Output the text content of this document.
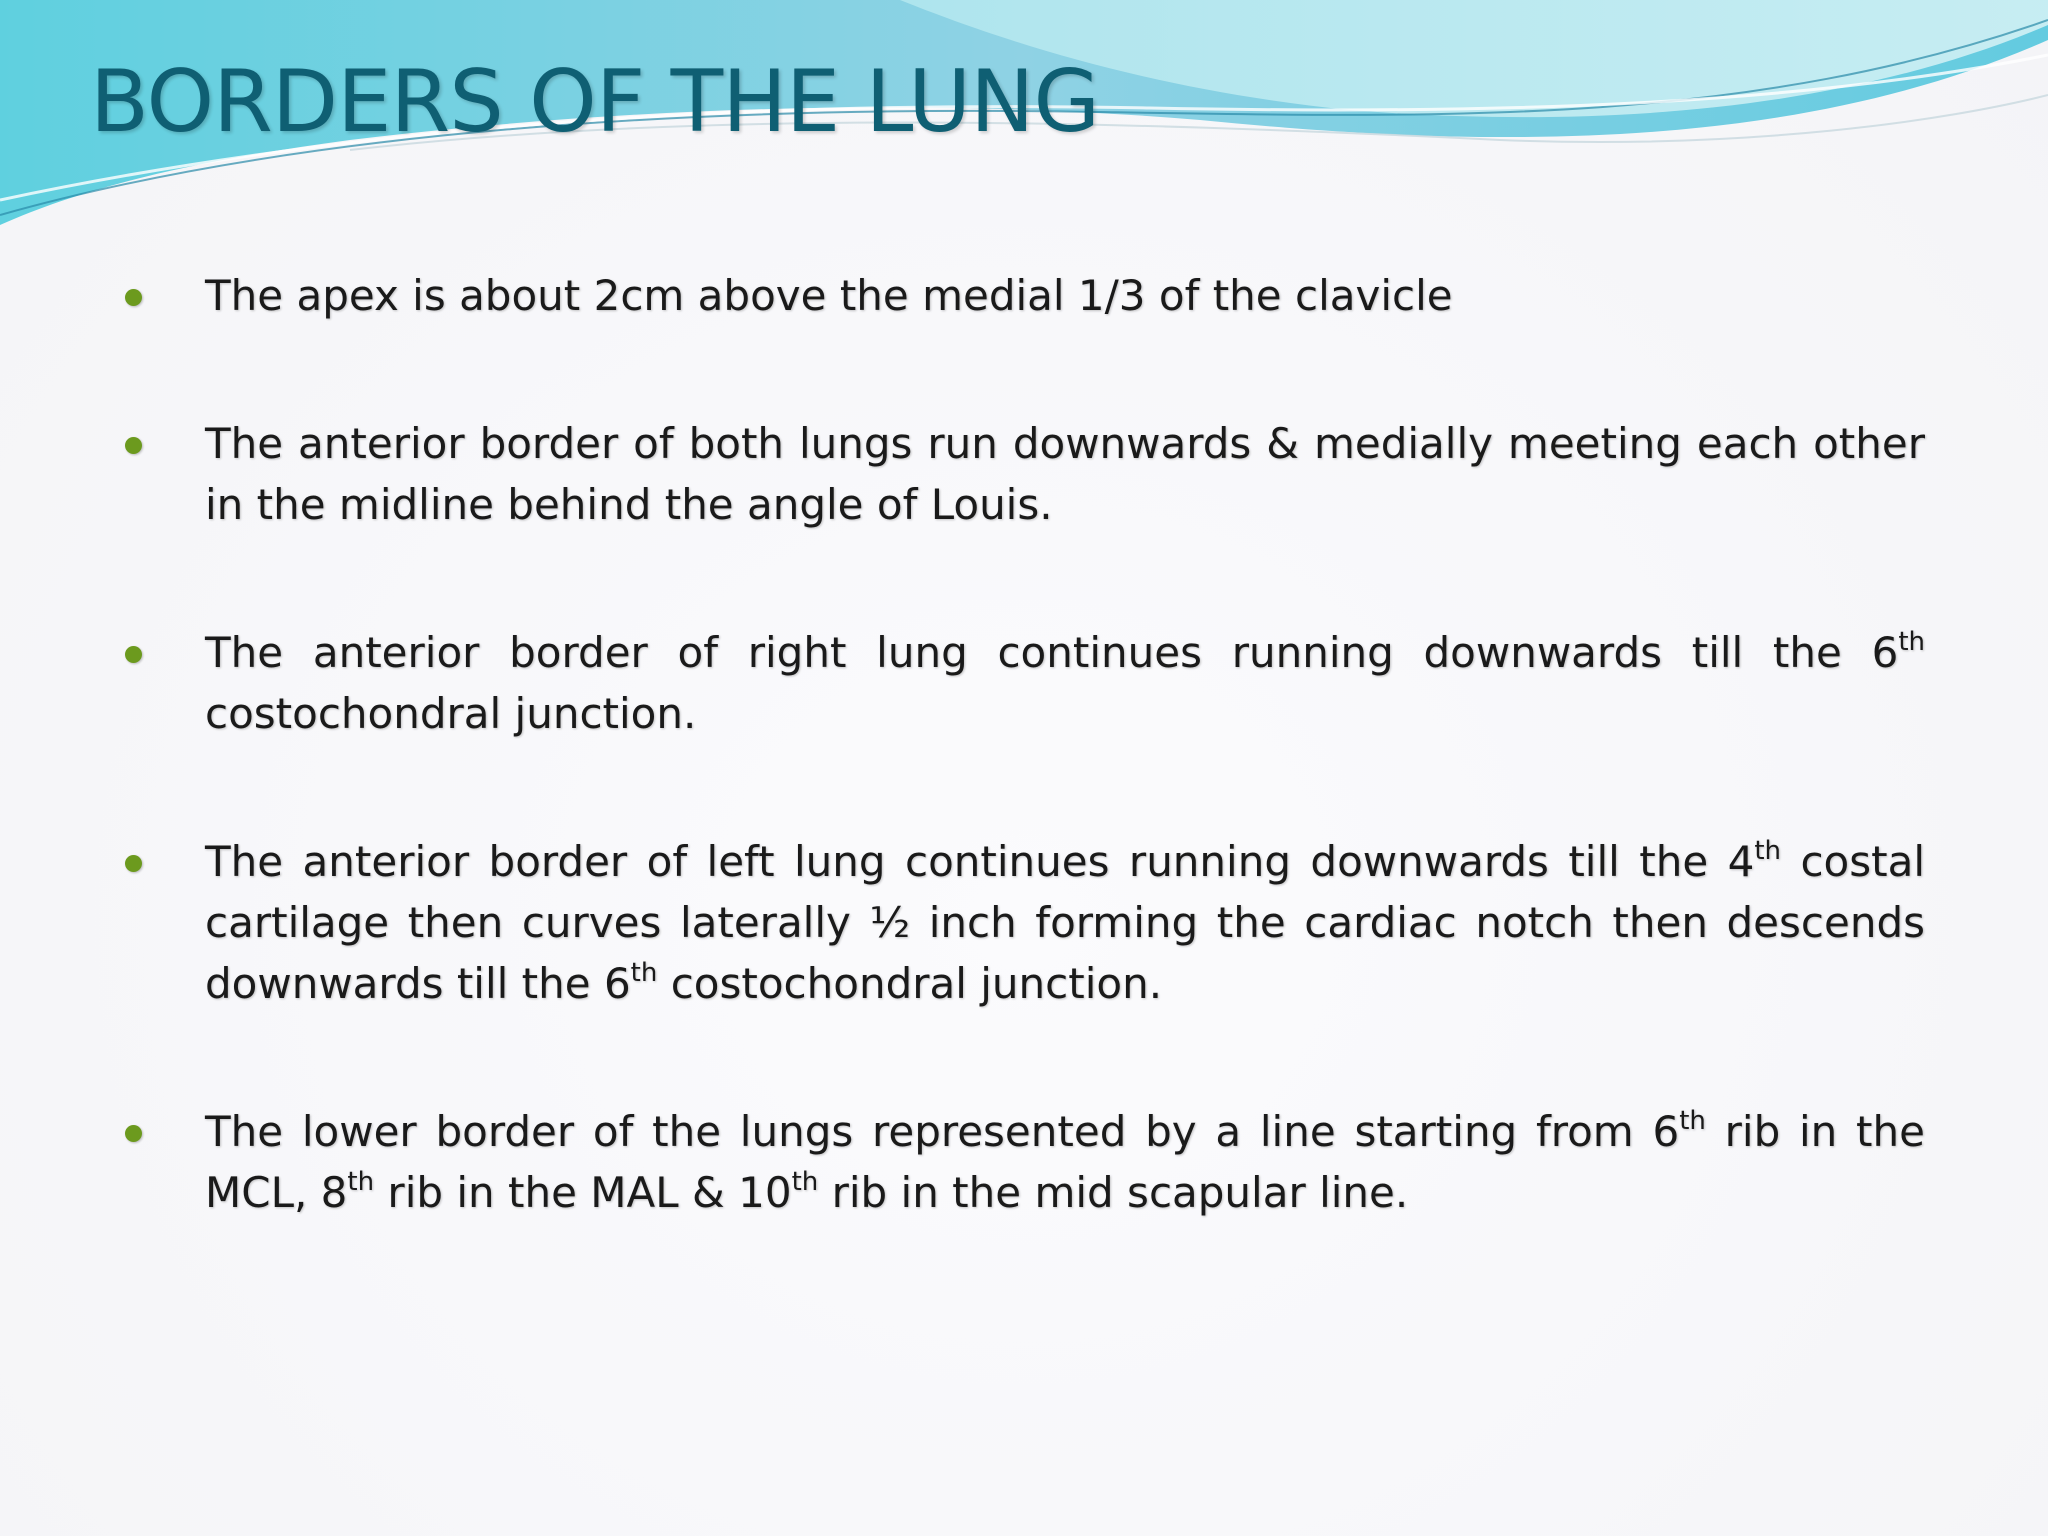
BORDERS OF THE LUNG
The apex is about 2cm above the medial 1/3 of the clavicle
The anterior border of both lungs run downwards & medially meeting each other in the midline behind the angle of Louis.
The anterior border of right lung continues running downwards till the 6th costochondral junction.
The anterior border of left lung continues running downwards till the 4th costal cartilage then curves laterally ½ inch forming the cardiac notch then descends downwards till the 6th costochondral junction.
The lower border of the lungs represented by a line starting from 6th rib in the MCL, 8th rib in the MAL & 10th rib in the mid scapular line.
